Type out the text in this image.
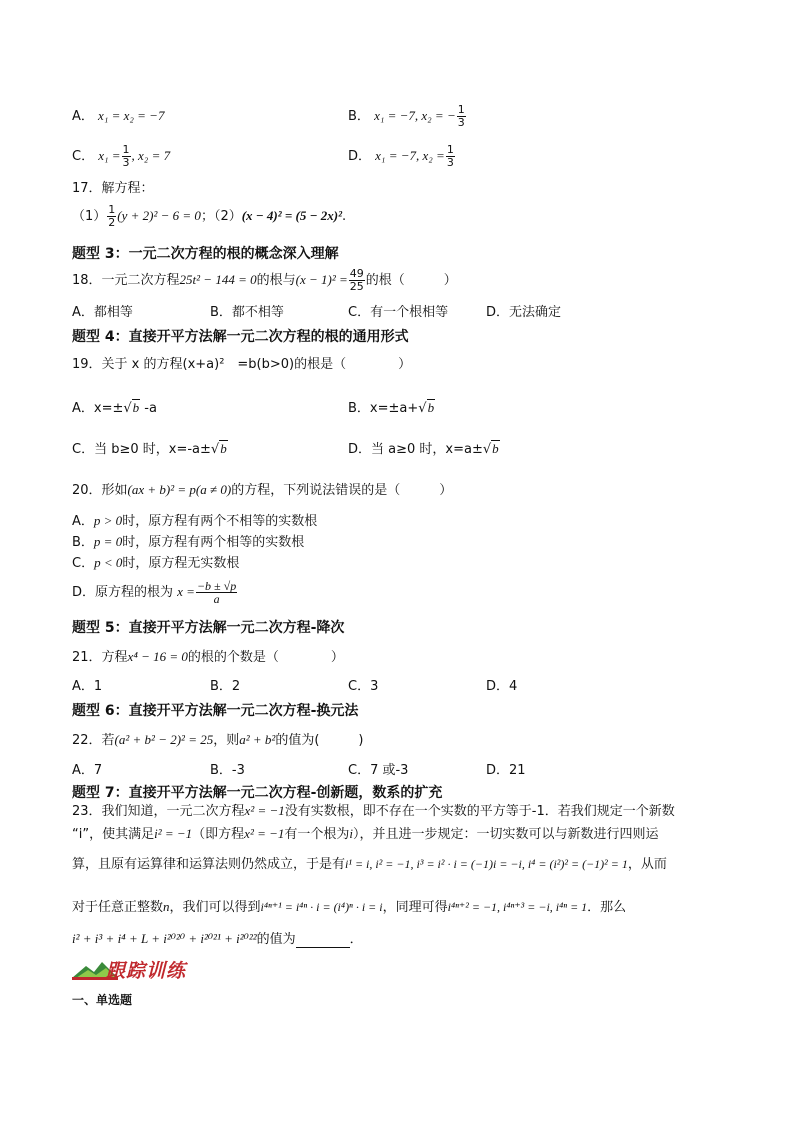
A． x₁ = x₂ = −7	B． x₁ = −7, x₂ = − $\frac{1}{3}$
C． $x_1 = \frac{1}{3}$ , x₂ = 7	D． x₁ = −7, $x_2 = \frac{1}{3}$
17．解方程：
$(1) \frac{1}{2} (y + 2)^2 - 6 = 0$；（2）(x − 4)² = (5 − 2x)².
题型 3：一元二次方程的根的概念深入理解
18．一元二次方程25t² − 144 = 0的根与$(x - 1)^2 = \frac{49}{25}$ 的根（　　　）
A．都相等	B．都不相等	C．有一个根相等	D．无法确定
题型 4：直接开平方法解一元二次方程的根的通用形式
19．关于 x 的方程(x+a)²　=b(b>0)的根是（　　　　）
A．x=±√b -a	B．x=±a+√b
C．当 b≥0 时，x=-a±√b	D．当 a≥0 时，x=a±√b
20．形如(ax + b)² = p(a ≠ 0)的方程，下列说法错误的是（　　　）
A．p > 0时，原方程有两个不相等的实数根
B．p = 0时，原方程有两个相等的实数根
C．p < 0时，原方程无实数根
D．原方程的根为 $x = \frac{-b \pm √p}{a}$
题型 5：直接开平方法解一元二次方程-降次
21．方程x⁴ − 16 = 0的根的个数是（　　　　）
A．1	B．2	C．3	D．4
题型 6：直接开平方法解一元二次方程-换元法
22．若(a² + b² − 2)² = 25，则a² + b²的值为(　　　)
A．7	B．-3	C．7 或-3	D．21
题型 7：直接开平方法解一元二次方程-创新题，数系的扩充
23．我们知道，一元二次方程x² = −1没有实数根，即不存在一个实数的平方等于-1．若我们规定一个新数
“i”，使其满足i² = −1（即方程x² = −1有一个根为i），并且进一步规定：一切实数可以与新数进行四则运
算，且原有运算律和运算法则仍然成立，于是有i¹ = i, i² = −1, i³ = i² · i = (−1)i = −i, i⁴ = (i²)² = (−1)² = 1，从而
对于任意正整数n，我们可以得到i⁴ⁿ⁺¹ = i⁴ⁿ · i = (i⁴)ⁿ · i = i，同理可得i⁴ⁿ⁺² = −1, i⁴ⁿ⁺³ = −i, i⁴ⁿ = 1．那么
i² + i³ + i⁴ + L + i²⁰²⁰ + i²⁰²¹ + i²⁰²²的值为	．
跟踪训练
一、单选题
